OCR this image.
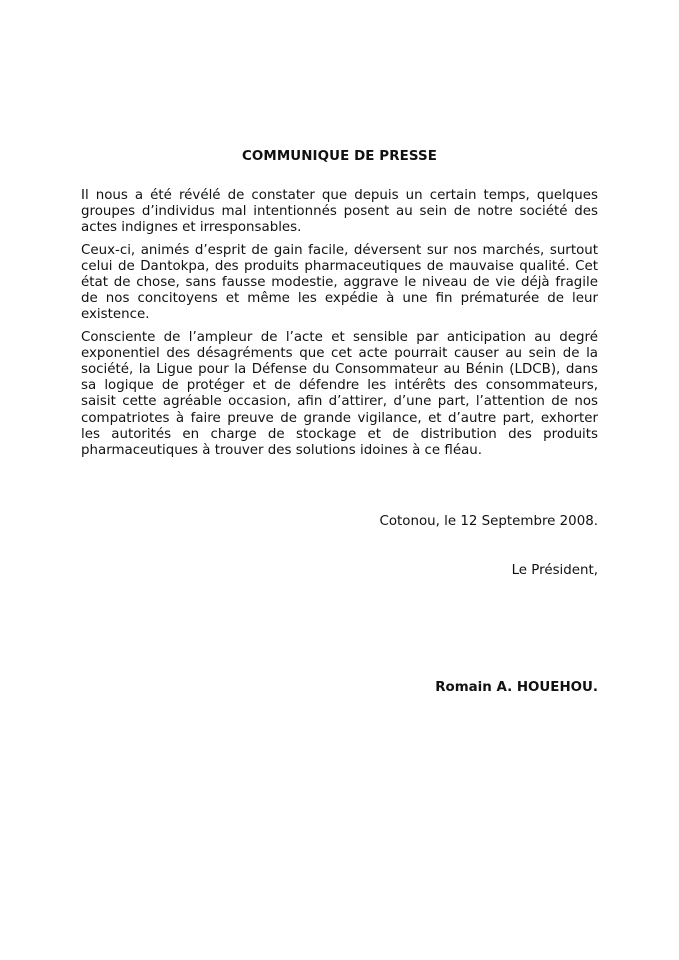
COMMUNIQUE DE PRESSE

Il nous a été révélé de constater que depuis un certain temps, quelques groupes d’individus mal intentionnés posent au sein de notre société des actes indignes et irresponsables.

Ceux-ci, animés d’esprit de gain facile, déversent sur nos marchés, surtout celui de Dantokpa, des produits pharmaceutiques de mauvaise qualité. Cet état de chose, sans fausse modestie, aggrave le niveau de vie déjà fragile de nos concitoyens et même les expédie à une fin prématurée de leur existence.

Consciente de l’ampleur de l’acte et sensible par anticipation au degré exponentiel des désagréments que cet acte pourrait causer au sein de la société, la Ligue pour la Défense du Consommateur au Bénin (LDCB), dans sa logique de protéger et de défendre les intérêts des consommateurs, saisit cette agréable occasion, afin d’attirer, d’une part, l’attention de nos compatriotes à faire preuve de grande vigilance, et d’autre part, exhorter les autorités en charge de stockage et de distribution des produits pharmaceutiques à trouver des solutions idoines à ce fléau.

Cotonou, le 12 Septembre 2008.
Le Président,
Romain A. HOUEHOU.
